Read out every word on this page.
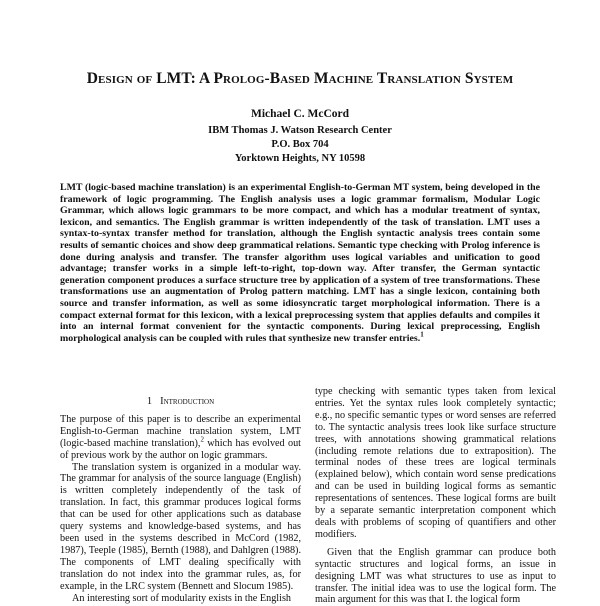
Design of LMT: A Prolog-Based Machine Translation System
Michael C. McCord
IBM Thomas J. Watson Research Center
P.O. Box 704
Yorktown Heights, NY 10598
LMT (logic-based machine translation) is an experimental English-to-German MT system, being developed in the framework of logic programming. The English analysis uses a logic grammar formalism, Modular Logic Grammar, which allows logic grammars to be more compact, and which has a modular treatment of syntax, lexicon, and semantics. The English grammar is written independently of the task of translation. LMT uses a syntax-to-syntax transfer method for translation, although the English syntactic analysis trees contain some results of semantic choices and show deep grammatical relations. Semantic type checking with Prolog inference is done during analysis and transfer. The transfer algorithm uses logical variables and unification to good advantage; transfer works in a simple left-to-right, top-down way. After transfer, the German syntactic generation component produces a surface structure tree by application of a system of tree transformations. These transformations use an augmentation of Prolog pattern matching. LMT has a single lexicon, containing both source and transfer information, as well as some idiosyncratic target morphological information. There is a compact external format for this lexicon, with a lexical preprocessing system that applies defaults and compiles it into an internal format convenient for the syntactic components. During lexical preprocessing, English morphological analysis can be coupled with rules that synthesize new transfer entries.$^1$
1 Introduction

The purpose of this paper is to describe an experimental English-to-German machine translation system, LMT (logic-based machine translation),$^2$ which has evolved out of previous work by the author on logic grammars.

The translation system is organized in a modular way. The grammar for analysis of the source language (English) is written completely independently of the task of translation. In fact, this grammar produces logical forms that can be used for other applications such as database query systems and knowledge-based systems, and has been used in the systems described in McCord (1982, 1987), Teeple (1985), Bernth (1988), and Dahlgren (1988). The components of LMT dealing specifically with translation do not index into the grammar rules, as, for example, in the LRC system (Bennett and Slocum 1985).

An interesting sort of modularity exists in the English

type checking with semantic types taken from lexical entries. Yet the syntax rules look completely syntactic; e.g., no specific semantic types or word senses are referred to. The syntactic analysis trees look like surface structure trees, with annotations showing grammatical relations (including remote relations due to extraposition). The terminal nodes of these trees are logical terminals (explained below), which contain word sense predications and can be used in building logical forms as semantic representations of sentences. These logical forms are built by a separate semantic interpretation component which deals with problems of scoping of quantifiers and other modifiers.

Given that the English grammar can produce both syntactic structures and logical forms, an issue in designing LMT was what structures to use as input to transfer. The initial idea was to use the logical form. The main argument for this was that I. the logical form
